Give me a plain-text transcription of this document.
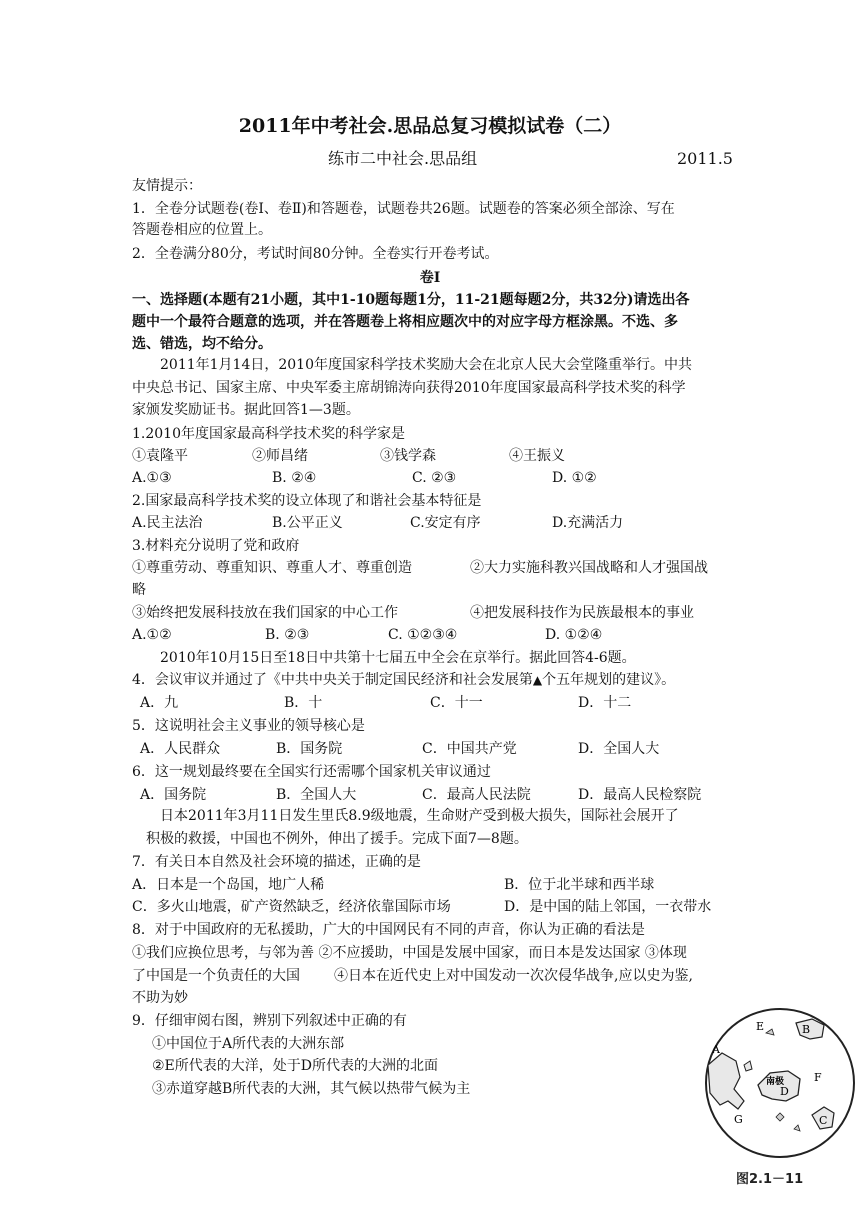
2011年中考社会.思品总复习模拟试卷（二）
练市二中社会.思品组	2011.5
友情提示：
1．全卷分试题卷(卷Ⅰ、卷Ⅱ)和答题卷，试题卷共26题。试题卷的答案必须全部涂、写在
答题卷相应的位置上。
2．全卷满分80分，考试时间80分钟。全卷实行开卷考试。
卷Ⅰ
一、选择题(本题有21小题，其中1-10题每题1分，11-21题每题2分，共32分)请选出各
题中一个最符合题意的选项，并在答题卷上将相应题次中的对应字母方框涂黑。不选、多
选、错选，均不给分。
2011年1月14日，2010年度国家科学技术奖励大会在北京人民大会堂隆重举行。中共
中央总书记、国家主席、中央军委主席胡锦涛向获得2010年度国家最高科学技术奖的科学
家颁发奖励证书。据此回答1—3题。
1.2010年度国家最高科学技术奖的科学家是
①袁隆平	②师昌绪	③钱学森	④王振义
A.①③	B. ②④	C. ②③	D. ①②
2.国家最高科学技术奖的设立体现了和谐社会基本特征是
A.民主法治	B.公平正义	C.安定有序	D.充满活力
3.材料充分说明了党和政府
①尊重劳动、尊重知识、尊重人才、尊重创造	②大力实施科教兴国战略和人才强国战
略
③始终把发展科技放在我们国家的中心工作	④把发展科技作为民族最根本的事业
A.①②	B. ②③	C. ①②③④	D. ①②④
2010年10月15日至18日中共第十七届五中全会在京举行。据此回答4-6题。
4．会议审议并通过了《中共中央关于制定国民经济和社会发展第▲个五年规划的建议》。
A．九	B．十	C．十一	D．十二
5．这说明社会主义事业的领导核心是
A．人民群众	B．国务院	C．中国共产党	D．全国人大
6．这一规划最终要在全国实行还需哪个国家机关审议通过
A．国务院	B．全国人大	C．最高人民法院	D．最高人民检察院
日本2011年3月11日发生里氏8.9级地震，生命财产受到极大损失，国际社会展开了
积极的救援，中国也不例外，伸出了援手。完成下面7—8题。
7．有关日本自然及社会环境的描述，正确的是
A．日本是一个岛国，地广人稀	B．位于北半球和西半球
C．多火山地震，矿产资然缺乏，经济依靠国际市场	D．是中国的陆上邻国，一衣带水
8．对于中国政府的无私援助，广大的中国网民有不同的声音，你认为正确的看法是
①我们应换位思考，与邻为善 ②不应援助，中国是发展中国家，而日本是发达国家 ③体现
了中国是一个负责任的大国 ④日本在近代史上对中国发动一次次侵华战争,应以史为鉴,
不助为妙
9．仔细审阅右图，辨别下列叙述中正确的有
①中国位于A所代表的大洲东部
②E所代表的大洋，处于D所代表的大洲的北面
③赤道穿越B所代表的大洲，其气候以热带气候为主
A
B
C
D
E
F
G
南极
图2.1－11
